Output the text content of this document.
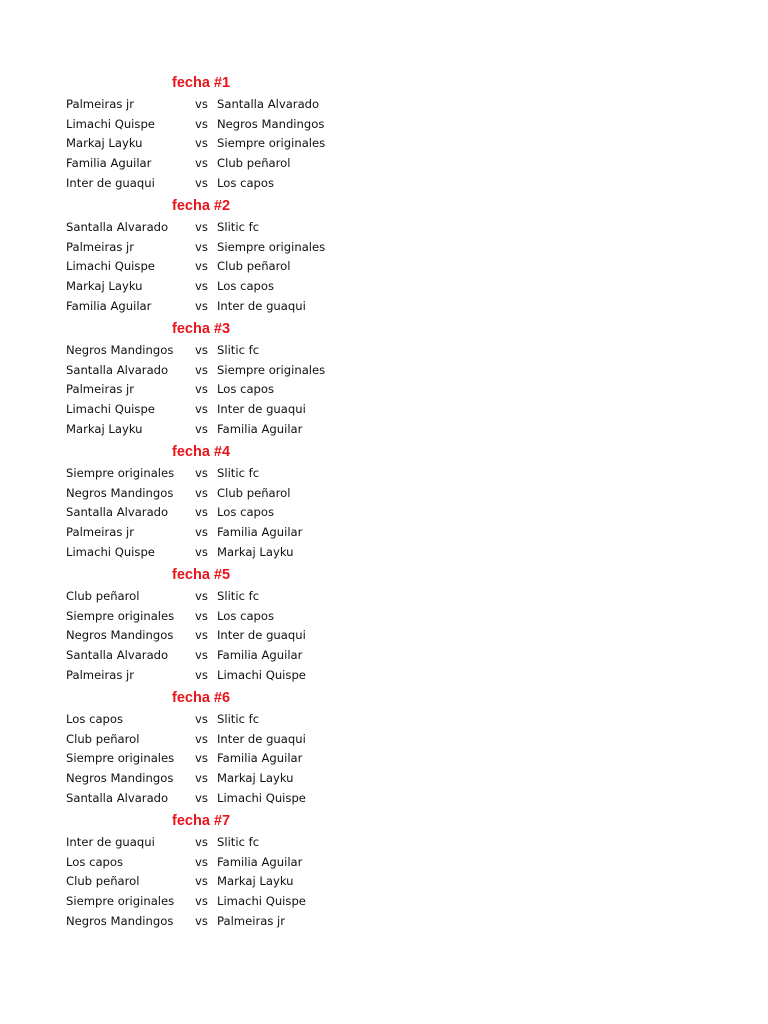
fecha #1
Palmeiras jr	vs Santalla Alvarado
Limachi Quispe	vs Negros Mandingos
Markaj Layku	vs Siempre originales
Familia Aguilar	vs Club peñarol
Inter de guaqui	vs Los capos
fecha #2
Santalla Alvarado vs Slitic fc
Palmeiras jr	vs Siempre originales
Limachi Quispe	vs Club peñarol
Markaj Layku	vs Los capos
Familia Aguilar	vs Inter de guaqui
fecha #3
Negros Mandingos vs Slitic fc
Santalla Alvarado vs Siempre originales
Palmeiras jr	vs Los capos
Limachi Quispe	vs Inter de guaqui
Markaj Layku	vs Familia Aguilar
fecha #4
Siempre originales vs Slitic fc
Negros Mandingos vs Club peñarol
Santalla Alvarado vs Los capos
Palmeiras jr	vs Familia Aguilar
Limachi Quispe	vs Markaj Layku
fecha #5
Club peñarol	vs Slitic fc
Siempre originales vs Los capos
Negros Mandingos vs Inter de guaqui
Santalla Alvarado vs Familia Aguilar
Palmeiras jr	vs Limachi Quispe
fecha #6
Los capos	vs Slitic fc
Club peñarol	vs Inter de guaqui
Siempre originales vs Familia Aguilar
Negros Mandingos vs Markaj Layku
Santalla Alvarado vs Limachi Quispe
fecha #7
Inter de guaqui	vs Slitic fc
Los capos	vs Familia Aguilar
Club peñarol	vs Markaj Layku
Siempre originales vs Limachi Quispe
Negros Mandingos vs Palmeiras jr
